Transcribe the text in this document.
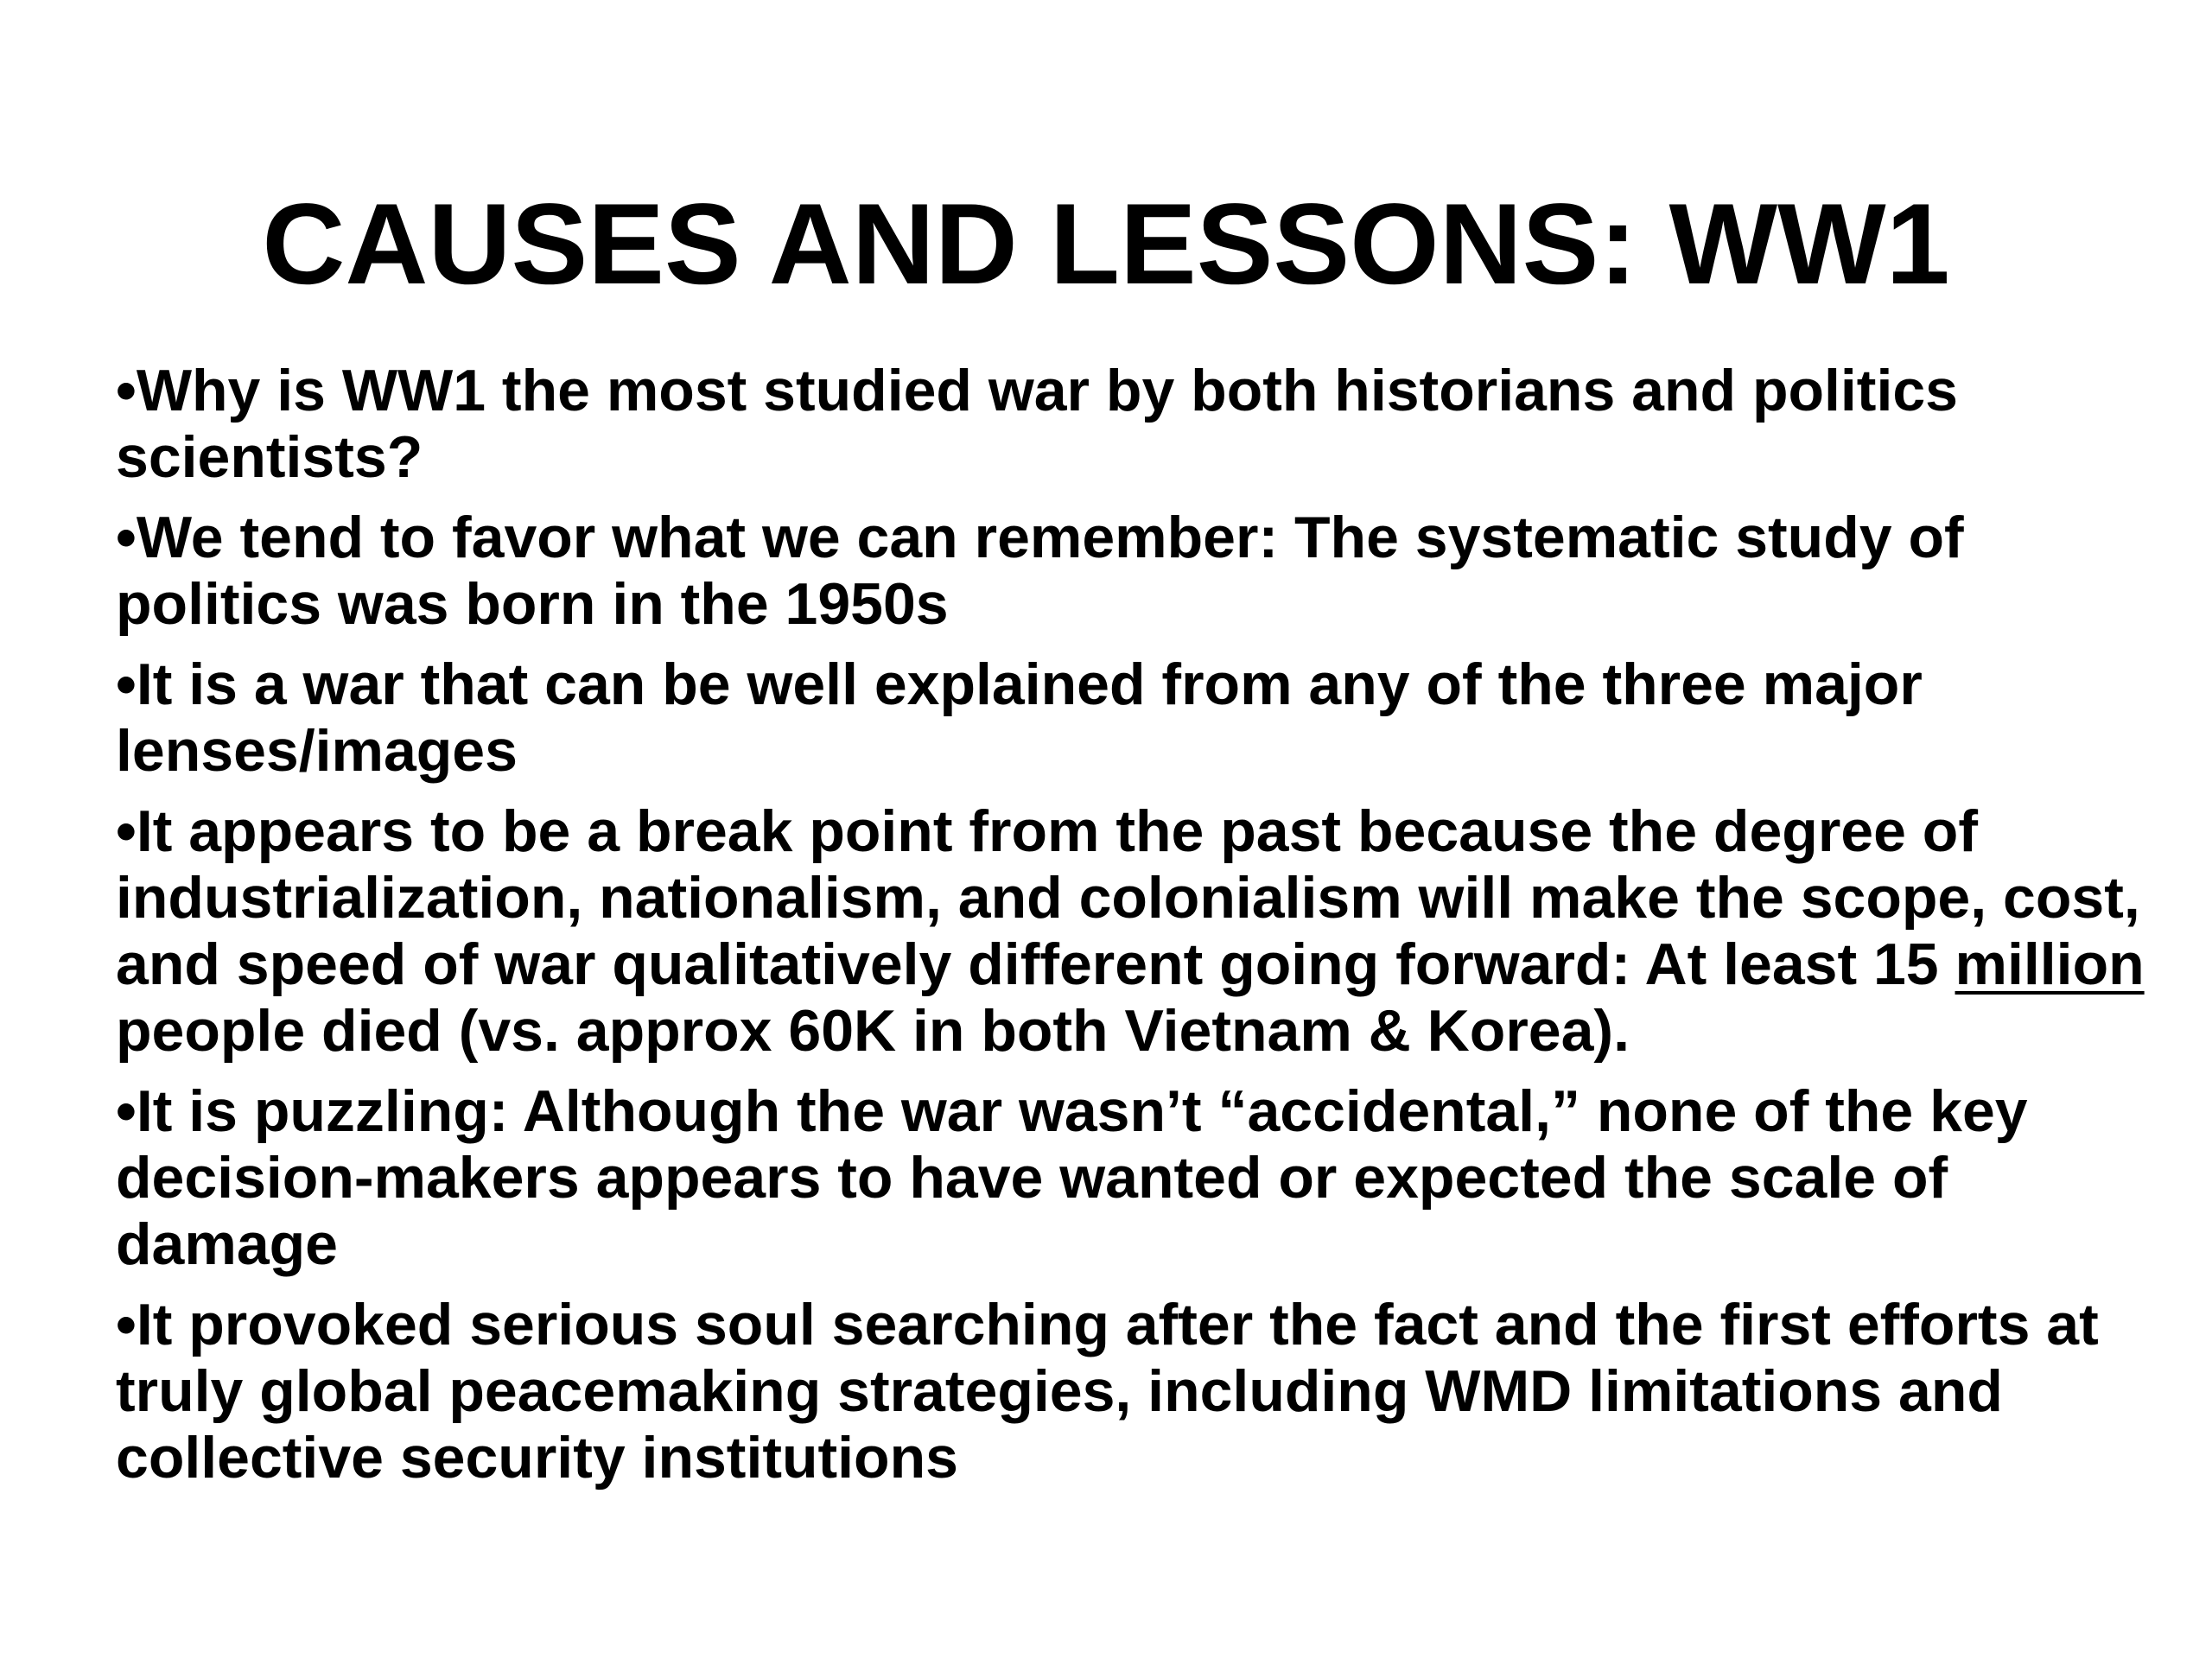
CAUSES AND LESSONS: WW1
•Why is WW1 the most studied war by both historians and politics scientists?
•We tend to favor what we can remember: The systematic study of politics was born in the 1950s
•It is a war that can be well explained from any of the three major lenses/images
•It appears to be a break point from the past because the degree of industrialization, nationalism, and colonialism will make the scope, cost, and speed of war qualitatively different going forward: At least 15 million people died (vs. approx 60K in both Vietnam & Korea).
•It is puzzling: Although the war wasn’t “accidental,” none of the key decision-makers appears to have wanted or expected the scale of damage
•It provoked serious soul searching after the fact and the first efforts at truly global peacemaking strategies, including WMD limitations and collective security institutions
